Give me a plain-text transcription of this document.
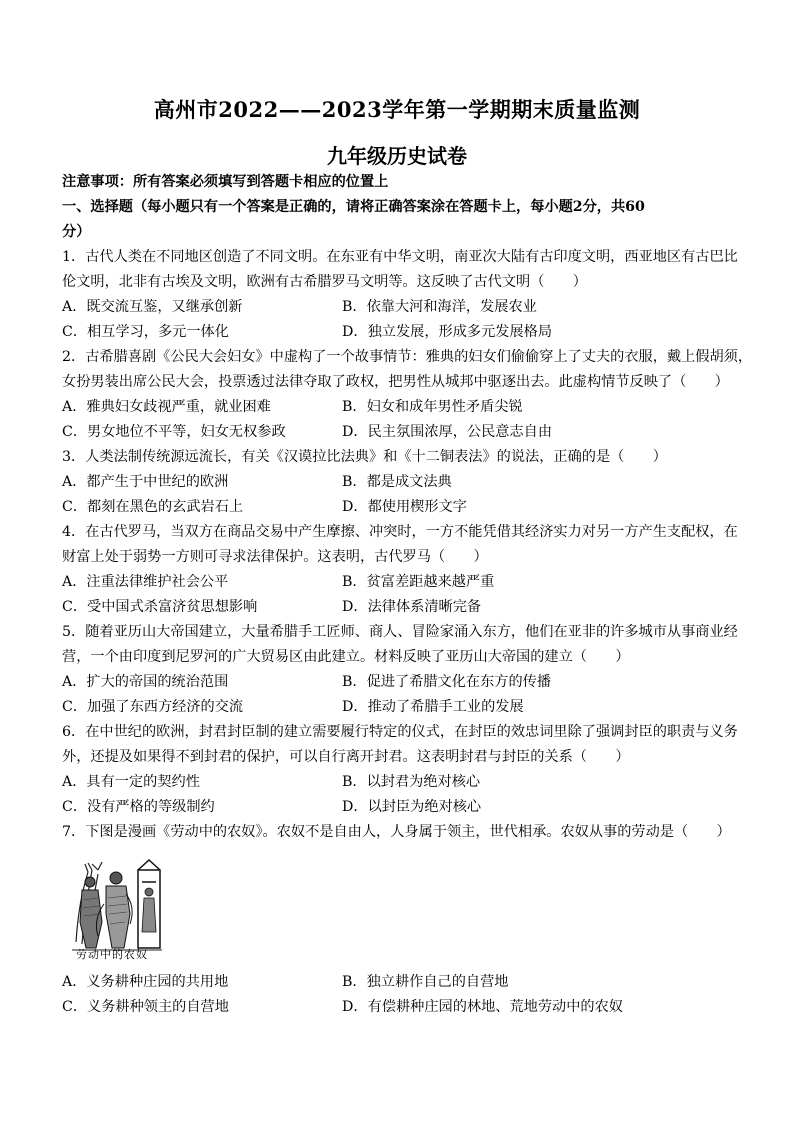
高州市2022——2023学年第一学期期末质量监测
九年级历史试卷
注意事项：所有答案必须填写到答题卡相应的位置上
一、选择题（每小题只有一个答案是正确的，请将正确答案涂在答题卡上，每小题2分，共60
分）
1．古代人类在不同地区创造了不同文明。在东亚有中华文明，南亚次大陆有古印度文明，西亚地区有古巴比
伦文明，北非有古埃及文明，欧洲有古希腊罗马文明等。这反映了古代文明（　　）
A．既交流互鉴，又继承创新	B．依靠大河和海洋，发展农业
C．相互学习，多元一体化	D．独立发展，形成多元发展格局
2．古希腊喜剧《公民大会妇女》中虚构了一个故事情节：雅典的妇女们偷偷穿上了丈夫的衣服，戴上假胡须，
女扮男装出席公民大会，投票透过法律夺取了政权，把男性从城邦中驱逐出去。此虚构情节反映了（　　）
A．雅典妇女歧视严重，就业困难	B．妇女和成年男性矛盾尖锐
C．男女地位不平等，妇女无权参政	D．民主氛围浓厚，公民意志自由
3．人类法制传统源远流长，有关《汉谟拉比法典》和《十二铜表法》的说法，正确的是（　　）
A．都产生于中世纪的欧洲	B．都是成文法典
C．都刻在黑色的玄武岩石上	D．都使用楔形文字
4．在古代罗马，当双方在商品交易中产生摩擦、冲突时，一方不能凭借其经济实力对另一方产生支配权，在
财富上处于弱势一方则可寻求法律保护。这表明，古代罗马（　　）
A．注重法律维护社会公平	B．贫富差距越来越严重
C．受中国式杀富济贫思想影响	D．法律体系清晰完备
5．随着亚历山大帝国建立，大量希腊手工匠师、商人、冒险家涌入东方，他们在亚非的许多城市从事商业经
营，一个由印度到尼罗河的广大贸易区由此建立。材料反映了亚历山大帝国的建立（　　）
A．扩大的帝国的统治范围	B．促进了希腊文化在东方的传播
C．加强了东西方经济的交流	D．推动了希腊手工业的发展
6．在中世纪的欧洲，封君封臣制的建立需要履行特定的仪式，在封臣的效忠词里除了强调封臣的职责与义务
外，还提及如果得不到封君的保护，可以自行离开封君。这表明封君与封臣的关系（　　）
A．具有一定的契约性	B．以封君为绝对核心
C．没有严格的等级制约	D．以封臣为绝对核心
7．下图是漫画《劳动中的农奴》。农奴不是自由人，人身属于领主，世代相承。农奴从事的劳动是（　　）
劳动中的农奴
A．义务耕种庄园的共用地	B．独立耕作自己的自营地
C．义务耕种领主的自营地	D．有偿耕种庄园的林地、荒地劳动中的农奴
